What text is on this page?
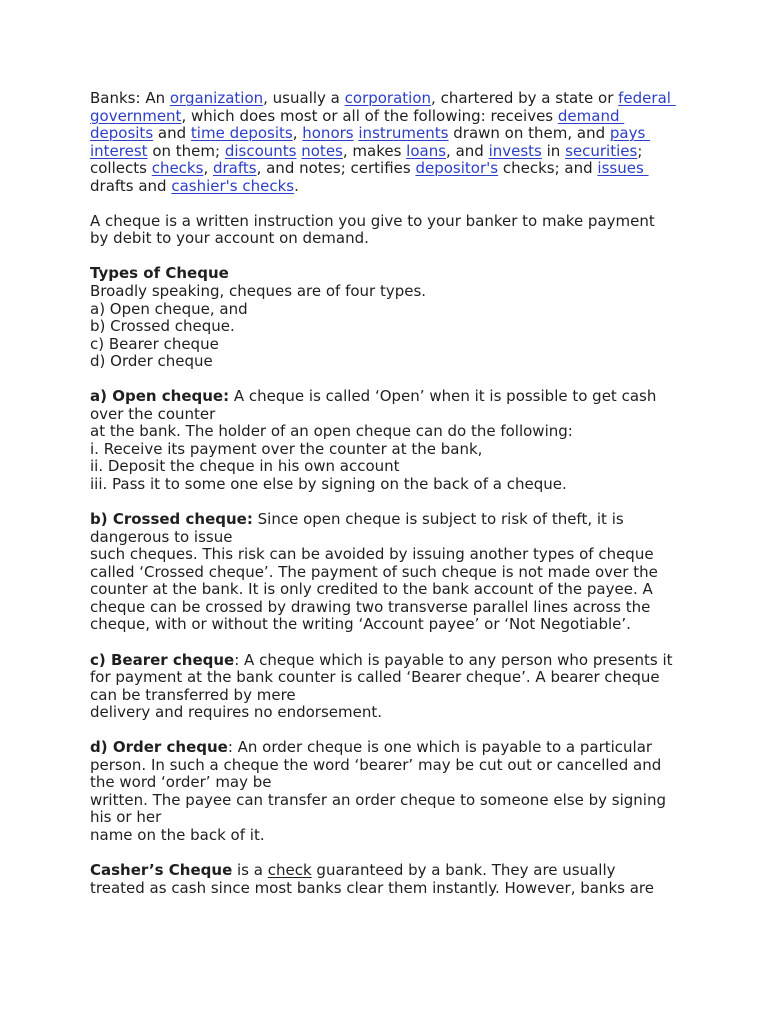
Banks: An organization , usually a corporation , chartered by a state or federal
government , which does most or all of the following: receives demand
deposits and time deposits , honors
instruments drawn on them, and pays
interest on them; discounts
notes , makes loans , and invests in securities ;
collects checks , drafts , and notes; certifies depositor's checks; and issues
drafts and cashier's checks .
A cheque is a written instruction you give to your banker to make payment
by debit to your account on demand.
Types of Cheque
Broadly speaking, cheques are of four types.
a) Open cheque, and
b) Crossed cheque.
c) Bearer cheque
d) Order cheque
a) Open cheque: A cheque is called ‘Open’ when it is possible to get cash
over the counter
at the bank. The holder of an open cheque can do the following:
i. Receive its payment over the counter at the bank,
ii. Deposit the cheque in his own account
iii. Pass it to some one else by signing on the back of a cheque.
b) Crossed cheque: Since open cheque is subject to risk of theft, it is
dangerous to issue
such cheques. This risk can be avoided by issuing another types of cheque
called ‘Crossed cheque’. The payment of such cheque is not made over the
counter at the bank. It is only credited to the bank account of the payee. A
cheque can be crossed by drawing two transverse parallel lines across the
cheque, with or without the writing ‘Account payee’ or ‘Not Negotiable’.
c) Bearer cheque : A cheque which is payable to any person who presents it
for payment at the bank counter is called ‘Bearer cheque’. A bearer cheque
can be transferred by mere
delivery and requires no endorsement.
d) Order cheque : An order cheque is one which is payable to a particular
person. In such a cheque the word ‘bearer’ may be cut out or cancelled and
the word ‘order’ may be
written. The payee can transfer an order cheque to someone else by signing
his or her
name on the back of it.
Casher’s Cheque is a check guaranteed by a bank. They are usually
treated as cash since most banks clear them instantly. However, banks are
